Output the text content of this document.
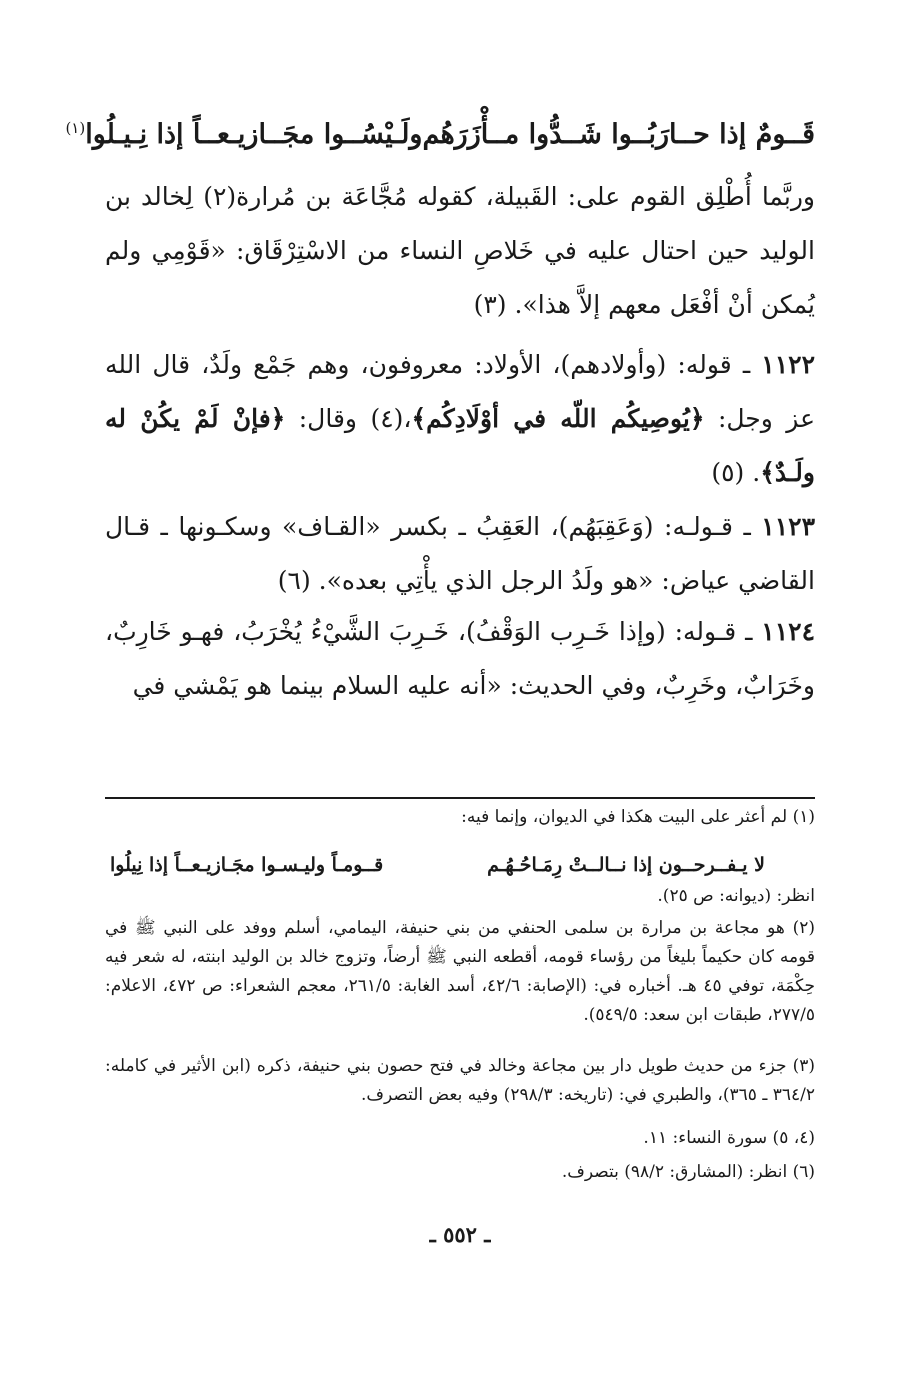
قَــومٌ إذا حــارَبُــوا شَــدُّوا مــأْزَرَهُم
ولَـيْسُــوا مجَــازيـعــاً إذا نِـيـلُوا$^{(١)}$
وربَّما أُطْلِق القوم على: القَبيلة، كقوله مُجَّاعَة بن مُرارة(٢) لِخالد بن الوليد حين احتال عليه في خَلاصِ النساء من الاسْتِرْقَاق: «قَوْمِي ولم يُمكن أنْ أفْعَل معهم إلاَّ هذا». (٣)
١١٢٢ ـ قوله: (وأولادهم)، الأولاد: معروفون، وهم جَمْع ولَدٌ، قال الله عز وجل: ﴿يُوصِيكُم اللّه في أوْلَادِكُم﴾،(٤) وقال: ﴿فإنْ لَمْ يكُنْ له ولَـدٌ﴾. (٥)
١١٢٣ ـ قـولـه: (وَعَقِبَهُم)، العَقِبُ ـ بكسر «القـاف» وسكـونها ـ قـال القاضي عياض: «هو ولَدُ الرجل الذي يأْتِي بعده». (٦)
١١٢٤ ـ قـوله: (وإذا خَـرِب الوَقْفُ)، خَـرِبَ الشَّيْءُ يُخْرَبُ، فهـو خَارِبٌ، وخَرَابٌ، وخَرِبٌ، وفي الحديث: «أنه عليه السلام بينما هو يَمْشي في
(١) لم أعثر على البيت هكذا في الديوان، وإنما فيه:
لا يـفــرحــون إذا نــالــتْ رِمَـاحُـهُـم
قــومـاً وليـسـوا مجَـازيـعــاً إذا نِيلُوا
انظر: (ديوانه: ص ٢٥).
(٢) هو مجاعة بن مرارة بن سلمى الحنفي من بني حنيفة، اليمامي، أسلم ووفد على النبي ﷺ في قومه كان حكيماً بليغاً من رؤساء قومه، أقطعه النبي ﷺ أرضاً، وتزوج خالد بن الوليد ابنته، له شعر فيه حِكْمَة، توفي ٤٥ هـ. أخباره في: (الإصابة: ٤٢/٦، أسد الغابة: ٢٦١/٥، معجم الشعراء: ص ٤٧٢، الاعلام: ٢٧٧/٥، طبقات ابن سعد: ٥٤٩/٥).
(٣) جزء من حديث طويل دار بين مجاعة وخالد في فتح حصون بني حنيفة، ذكره (ابن الأثير في كامله: ٣٦٤/٢ ـ ٣٦٥)، والطبري في: (تاريخه: ٢٩٨/٣) وفيه بعض التصرف.
(٤، ٥) سورة النساء: ١١.
(٦) انظر: (المشارق: ٩٨/٢) بتصرف.
ـ ٥٥٢ ـ
